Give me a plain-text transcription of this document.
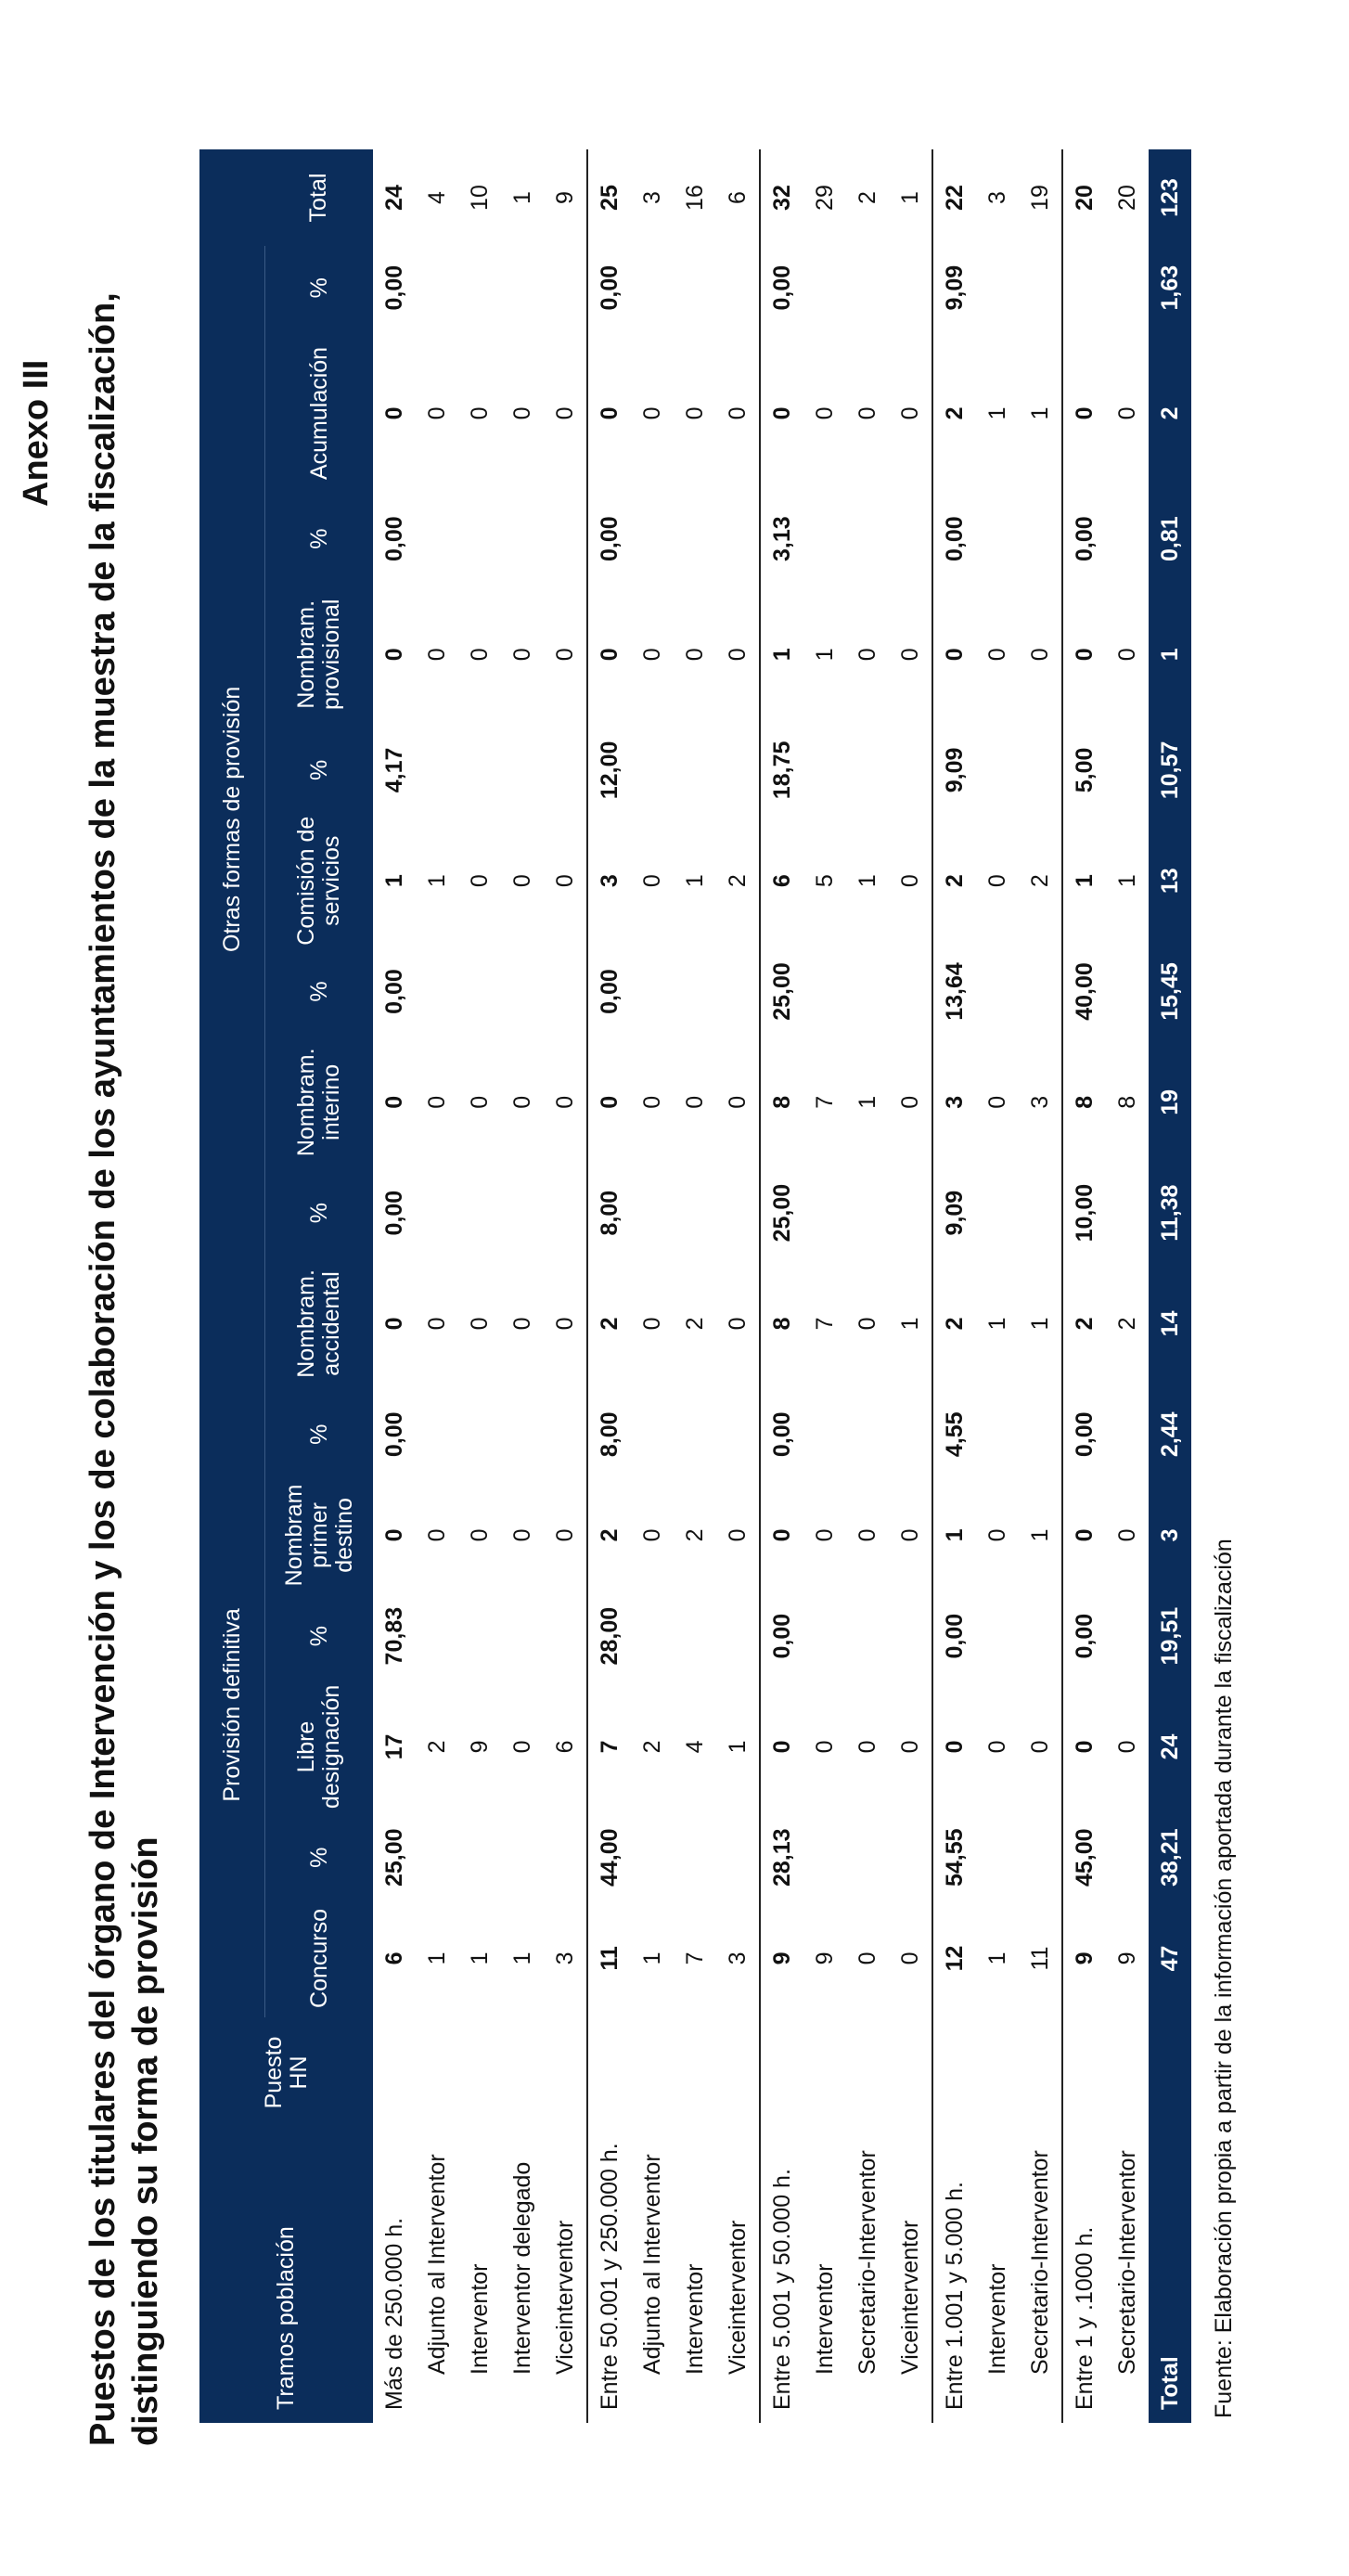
Anexo III Puestos de los titulares del órgano de Intervención y los de colaboración de los ayuntamientos de la muestra de la fiscalización, distinguiendo su forma de provisión	Tramos población	Puesto HN	Provisión definitiva						Otras formas de provisión										
		Concurso	%	Libre designación	%	Nombram primer destino	%	Nombram. accidental	%	Nombram. interino	%	Comisión de servicios	%	Nombram. provisional	%	Acumulación	%	Total
Más de 250.000 h.		6	25,00	17	70,83	0	0,00	0	0,00	0	0,00	1	4,17	0	0,00	0	0,00	24
Adjunto al Interventor		1		2		0		0		0		1		0		0		4
Interventor		1		9		0		0		0		0		0		0		10
Interventor delegado		1		0		0		0		0		0		0		0		1
Viceinterventor		3		6		0		0		0		0		0		0		9
Entre 50.001 y 250.000 h.		11	44,00	7	28,00	2	8,00	2	8,00	0	0,00	3	12,00	0	0,00	0	0,00	25
Adjunto al Interventor		1		2		0		0		0		0		0		0		3
Interventor		7		4		2		2		0		1		0		0		16
Viceinterventor		3		1		0		0		0		2		0		0		6
Entre 5.001 y 50.000 h.		9	28,13	0	0,00	0	0,00	8	25,00	8	25,00	6	18,75	1	3,13	0	0,00	32
Interventor		9		0		0		7		7		5		1		0		29
Secretario-Interventor		0		0		0		0		1		1		0		0		2
Viceinterventor		0		0		0		1		0		0		0		0		1
Entre 1.001 y 5.000 h.		12	54,55	0	0,00	1	4,55	2	9,09	3	13,64	2	9,09	0	0,00	2	9,09	22
Interventor		1		0		0		1		0		0		0		1		3
Secretario-Interventor		11		0		1		1		3		2		0		1		19
Entre 1 y .1000 h.		9	45,00	0	0,00	0	0,00	2	10,00	8	40,00	1	5,00	0	0,00	0		20
Secretario-Interventor		9		0		0		2		8		1		0		0		20
Total		47	38,21	24	19,51	3	2,44	14	11,38	19	15,45	13	10,57	1	0,81	2	1,63	123
Fuente: Elaboración propia a partir de la información aportada durante la fiscalización
